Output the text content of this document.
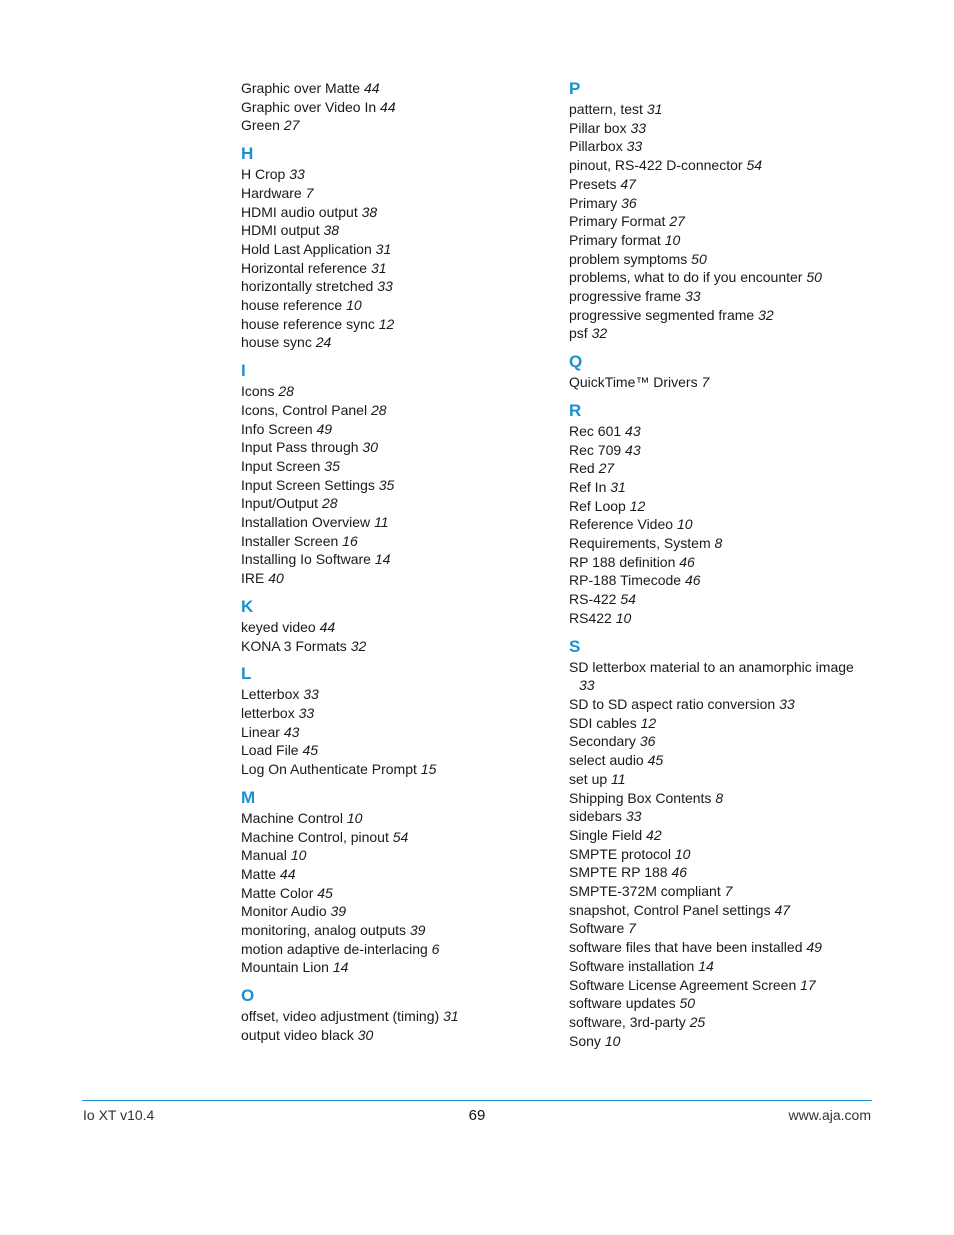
Graphic over Matte 44
Graphic over Video In 44
Green 27
H
H Crop 33
Hardware 7
HDMI audio output 38
HDMI output 38
Hold Last Application 31
Horizontal reference 31
horizontally stretched 33
house reference 10
house reference sync 12
house sync 24
I
Icons 28
Icons, Control Panel 28
Info Screen 49
Input Pass through 30
Input Screen 35
Input Screen Settings 35
Input/Output 28
Installation Overview 11
Installer Screen 16
Installing Io Software 14
IRE 40
K
keyed video 44
KONA 3 Formats 32
L
Letterbox 33
letterbox 33
Linear 43
Load File 45
Log On Authenticate Prompt 15
M
Machine Control 10
Machine Control, pinout 54
Manual 10
Matte 44
Matte Color 45
Monitor Audio 39
monitoring, analog outputs 39
motion adaptive de-interlacing 6
Mountain Lion 14
O
offset, video adjustment (timing) 31
output video black 30
P
pattern, test 31
Pillar box 33
Pillarbox 33
pinout, RS-422 D-connector 54
Presets 47
Primary 36
Primary Format 27
Primary format 10
problem symptoms 50
problems, what to do if you encounter 50
progressive frame 33
progressive segmented frame 32
psf 32
Q
QuickTime™ Drivers 7
R
Rec 601 43
Rec 709 43
Red 27
Ref In 31
Ref Loop 12
Reference Video 10
Requirements, System 8
RP 188 definition 46
RP-188 Timecode 46
RS-422 54
RS422 10
S
SD letterbox material to an anamorphic image
33
SD to SD aspect ratio conversion 33
SDI cables 12
Secondary 36
select audio 45
set up 11
Shipping Box Contents 8
sidebars 33
Single Field 42
SMPTE protocol 10
SMPTE RP 188 46
SMPTE-372M compliant 7
snapshot, Control Panel settings 47
Software 7
software files that have been installed 49
Software installation 14
Software License Agreement Screen 17
software updates 50
software, 3rd-party 25
Sony 10
Io XT v10.4	69	www.aja.com
